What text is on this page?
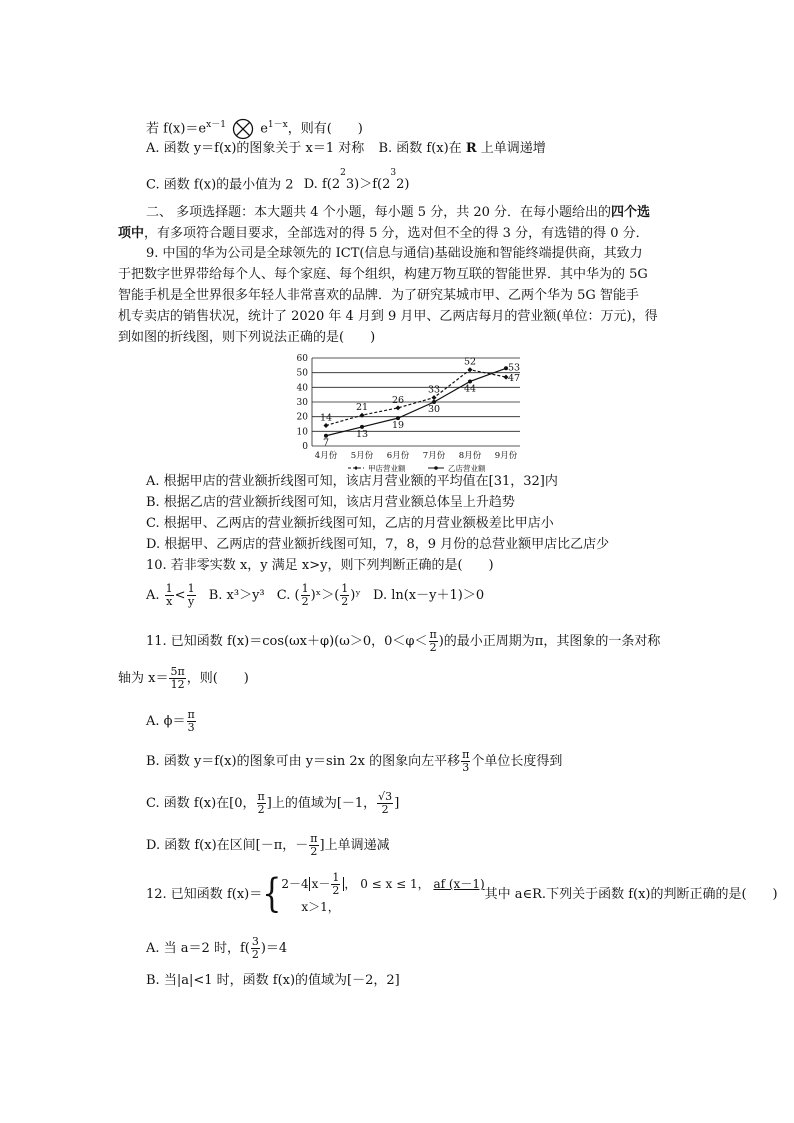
若 $f(x)=e^{x-1}$	$e^{1-x}$，则有(　　)
A. 函数 y＝f(x)的图象关于 x＝1 对称 B. 函数 f(x)在 R 上单调递增
C. 函数 f(x)的最小值为 2 D. $f(2^23)>f(2^32)$
二、 多项选择题：本大题共 4 个小题，每小题 5 分，共 20 分．在每小题给出的四个选
项中，有多项符合题目要求，全部选对的得 5 分，选对但不全的得 3 分，有选错的得 0 分．
9. 中国的华为公司是全球领先的 ICT(信息与通信)基础设施和智能终端提供商，其致力
于把数字世界带给每个人、每个家庭、每个组织，构建万物互联的智能世界．其中华为的 5G
智能手机是全世界很多年轻人非常喜欢的品牌．为了研究某城市甲、乙两个华为 5G 智能手
机专卖店的销售状况，统计了 2020 年 4 月到 9 月甲、乙两店每月的营业额(单位：万元)，得
到如图的折线图，则下列说法正确的是(　　)
0
10
20
30
40
50
60
4月份 5月份 6月份 7月份 8月份 9月份
14
21
26
33
52
47
7
13
19
30
44
53
甲店营业额	乙店营业额
A. 根据甲店的营业额折线图可知，该店月营业额的平均值在[31，32]内
B. 根据乙店的营业额折线图可知，该店月营业额总体呈上升趋势
C. 根据甲、乙两店的营业额折线图可知，乙店的月营业额极差比甲店小
D. 根据甲、乙两店的营业额折线图可知，7，8，9 月份的总营业额甲店比乙店少
10. 若非零实数 x，y 满足 x>y，则下列判断正确的是(　　)
A. $\frac{1}{x} < \frac{1}{y} B$. x³＞y³ C. ( $\frac{1}{2}$ )ˣ＞( $\frac{1}{2}$ )ʸ D. ln(x－y＋1)＞0
11. 已知函数 f(x)＝cos(ωx＋φ)(ω＞0，$0<\varphi< \frac{\pi}{2}$ )的最小正周期为π，其图象的一条对称
轴为 $x= \frac{5\pi}{12}$ ，则(　　)
A. $\phi= \frac{\pi}{3}$
B. 函数 y＝f(x)的图象可由 y＝sin 2x 的图象向左平移 $\frac{\pi}{3}$ 个单位长度得到
C. 函数 f(x)在[0， $\frac{\pi}{2}$ ]上的值域为[－1， $\frac{√3}{2}$ ]
D. 函数 f(x)在区间[－π，－ $\frac{\pi}{2}$ ]上单调递减
12. 已知函数 f(x)＝{ 2－4 $x- \frac{1}{2}$ ， 0 ≤ x ≤ 1， af (x－1)
x＞1，
其中 a∈R.下列关于函数 f(x)的判断正确的是(　　)
A. 当 a＝2 时，$f( \frac{3}{2} )=4$
B. 当|a|<1 时，函数 f(x)的值域为[－2，2]
